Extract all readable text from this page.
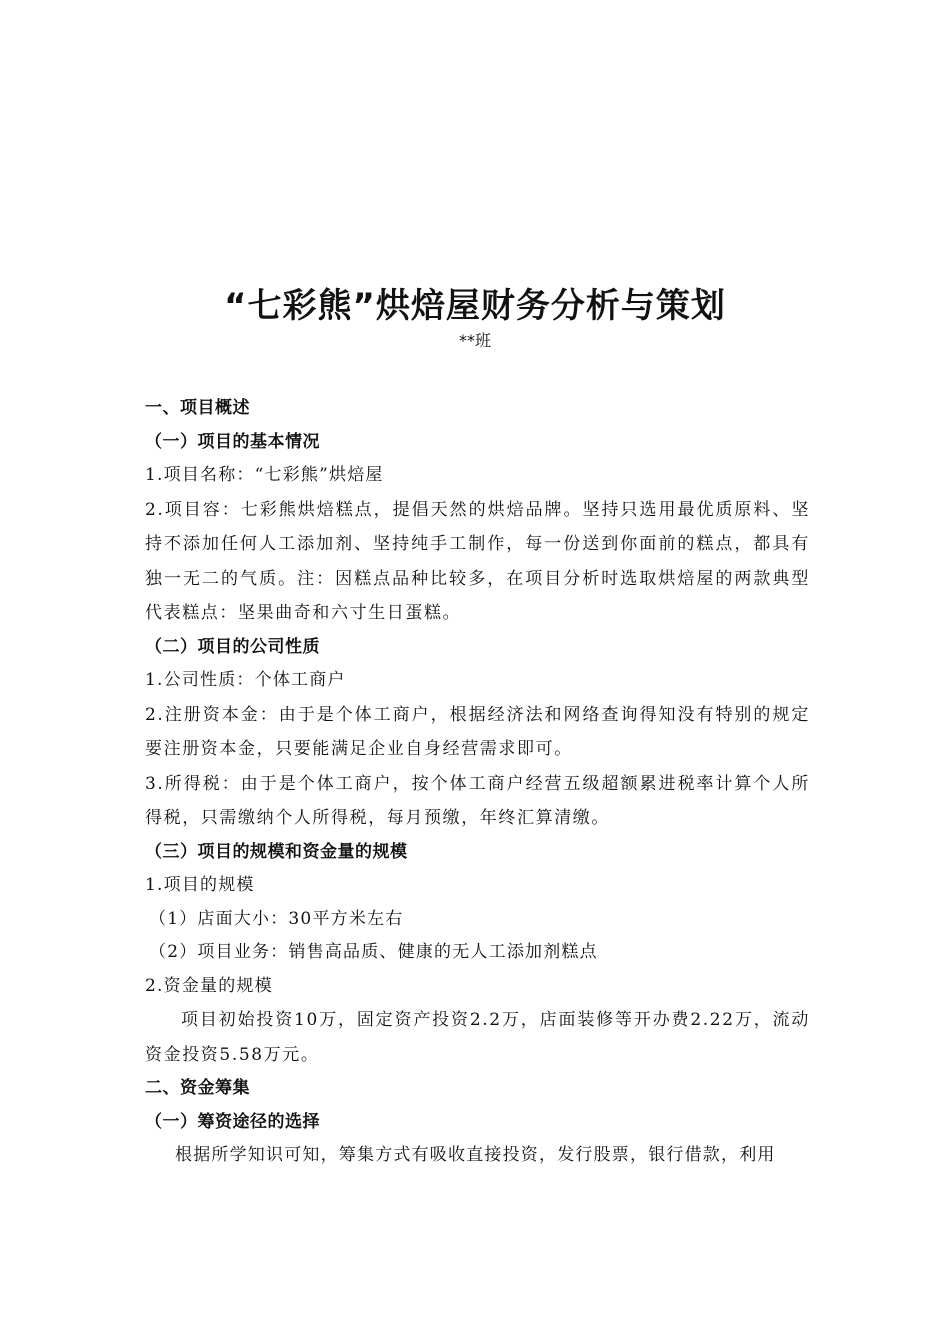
“七彩熊”烘焙屋财务分析与策划
**班
一、项目概述
（一）项目的基本情况
1.项目名称：“七彩熊”烘焙屋
2.项目容：七彩熊烘焙糕点，提倡天然的烘焙品牌。坚持只选用最优质原料、坚持不添加任何人工添加剂、坚持纯手工制作，每一份送到你面前的糕点，都具有独一无二的气质。注：因糕点品种比较多，在项目分析时选取烘焙屋的两款典型代表糕点：坚果曲奇和六寸生日蛋糕。
（二）项目的公司性质
1.公司性质：个体工商户
2.注册资本金：由于是个体工商户，根据经济法和网络查询得知没有特别的规定要注册资本金，只要能满足企业自身经营需求即可。
3.所得税：由于是个体工商户，按个体工商户经营五级超额累进税率计算个人所得税，只需缴纳个人所得税，每月预缴，年终汇算清缴。
（三）项目的规模和资金量的规模
1.项目的规模
（1）店面大小：30平方米左右
（2）项目业务：销售高品质、健康的无人工添加剂糕点
2.资金量的规模
项目初始投资10万，固定资产投资2.2万，店面装修等开办费2.22万，流动资金投资5.58万元。
二、资金筹集
（一）筹资途径的选择
根据所学知识可知，筹集方式有吸收直接投资，发行股票，银行借款，利用
